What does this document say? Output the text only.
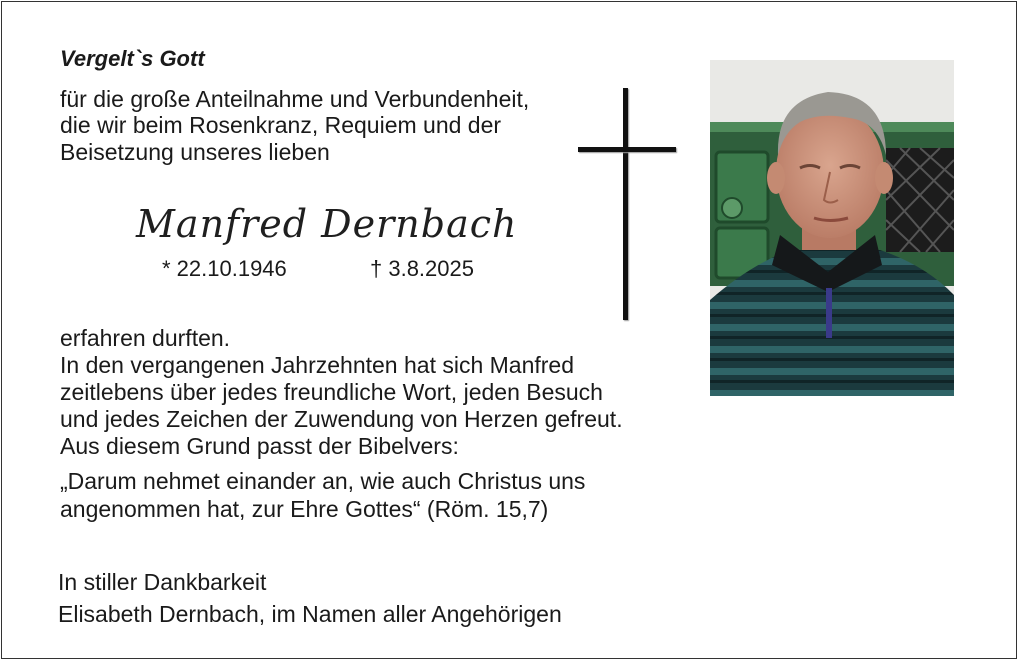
Vergelt`s Gott
für die große Anteilnahme und Verbundenheit,
die wir beim Rosenkranz, Requiem und der
Beisetzung unseres lieben
Manfred Dernbach
* 22.10.1946	† 3.8.2025
erfahren durften.
In den vergangenen Jahrzehnten hat sich Manfred
zeitlebens über jedes freundliche Wort, jeden Besuch
und jedes Zeichen der Zuwendung von Herzen gefreut.
Aus diesem Grund passt der Bibelvers:
„Darum nehmet einander an, wie auch Christus uns
angenommen hat, zur Ehre Gottes“ (Röm. 15,7)
In stiller Dankbarkeit
Elisabeth Dernbach, im Namen aller Angehörigen
